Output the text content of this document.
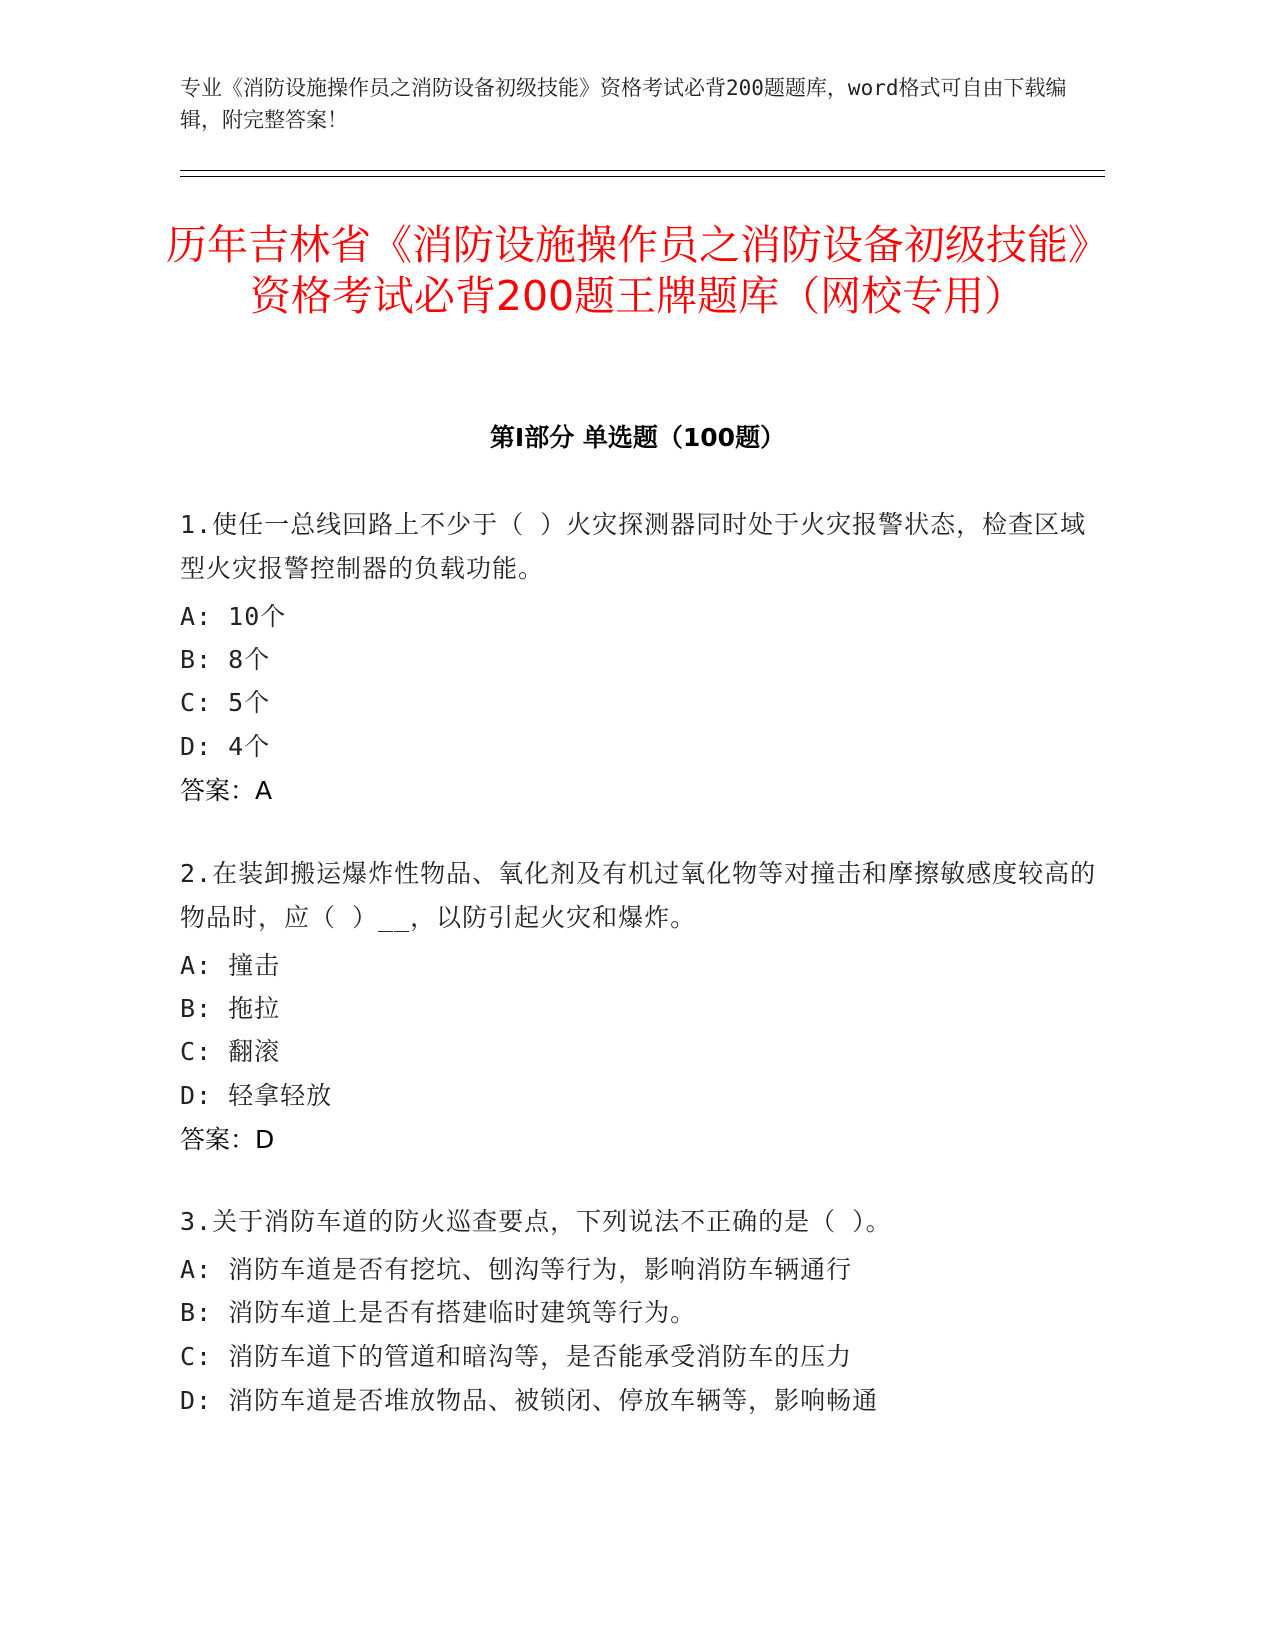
专业《消防设施操作员之消防设备初级技能》资格考试必背200题题库，word格式可自由下载编辑，附完整答案！

历年吉林省《消防设施操作员之消防设备初级技能》资格考试必背200题王牌题库（网校专用）
第Ⅰ部分 单选题（100题）

1.使任一总线回路上不少于（ ）火灾探测器同时处于火灾报警状态，检查区域型火灾报警控制器的负载功能。

A: 10个

B: 8个

C: 5个

D: 4个

答案：A

2.在装卸搬运爆炸性物品、氧化剂及有机过氧化物等对撞击和摩擦敏感度较高的物品时，应（ ）__，以防引起火灾和爆炸。

A: 撞击

B: 拖拉

C: 翻滚

D: 轻拿轻放

答案：D

3.关于消防车道的防火巡查要点，下列说法不正确的是（ ）。

A: 消防车道是否有挖坑、刨沟等行为，影响消防车辆通行

B: 消防车道上是否有搭建临时建筑等行为。

C: 消防车道下的管道和暗沟等，是否能承受消防车的压力

D: 消防车道是否堆放物品、被锁闭、停放车辆等，影响畅通
